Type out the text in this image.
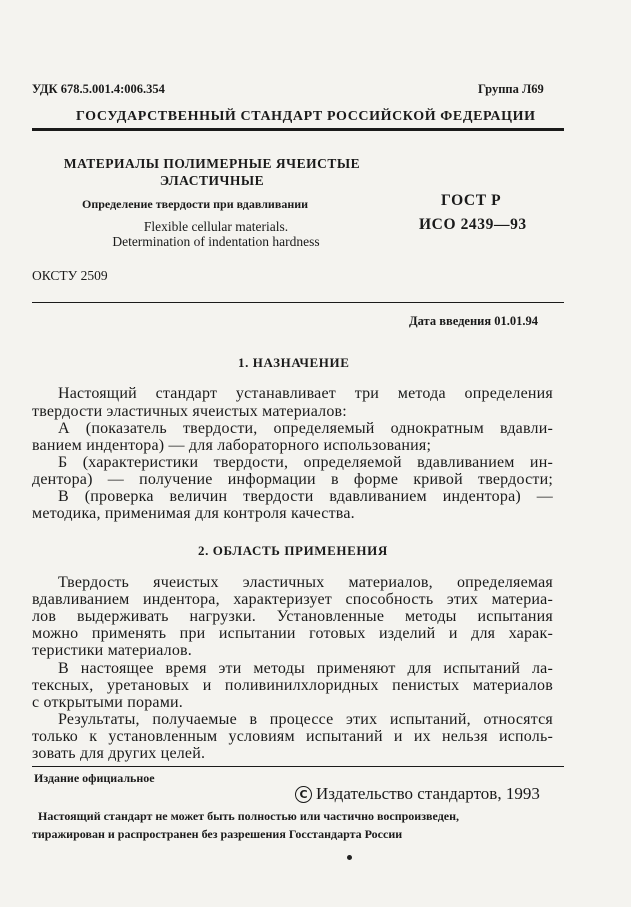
УДК 678.5.001.4:006.354	Группа Л69
ГОСУДАРСТВЕННЫЙ СТАНДАРТ РОССИЙСКОЙ ФЕДЕРАЦИИ
МАТЕРИАЛЫ ПОЛИМЕРНЫЕ ЯЧЕИСТЫЕ
ЭЛАСТИЧНЫЕ
Определение твердости при вдавливании
Flexible cellular materials.
Determination of indentation hardness
ГОСТ Р
ИСО 2439—93
ОКСТУ 2509
Дата введения 01.01.94
1. НАЗНАЧЕНИЕ
Настоящий стандарт устанавливает три метода определения
твердости эластичных ячеистых материалов:
А (показатель твердости, определяемый однократным вдавли-
ванием индентора) — для лабораторного использования;
Б (характеристики твердости, определяемой вдавливанием ин-
дентора) — получение информации в форме кривой твердости;
В (проверка величин твердости вдавливанием индентора) —
методика, применимая для контроля качества.
2. ОБЛАСТЬ ПРИМЕНЕНИЯ
Твердость ячеистых эластичных материалов, определяемая
вдавливанием индентора, характеризует способность этих материа-
лов выдерживать нагрузки. Установленные методы испытания
можно применять при испытании готовых изделий и для харак-
теристики материалов.
В настоящее время эти методы применяют для испытаний ла-
тексных, уретановых и поливинилхлоридных пенистых материалов
с открытыми порами.
Результаты, получаемые в процессе этих испытаний, относятся
только к установленным условиям испытаний и их нельзя исполь-
зовать для других целей.
Издание официальное
C Издательство стандартов, 1993
Настоящий стандарт не может быть полностью или частично воспроизведен,
тиражирован и распространен без разрешения Госстандарта России
